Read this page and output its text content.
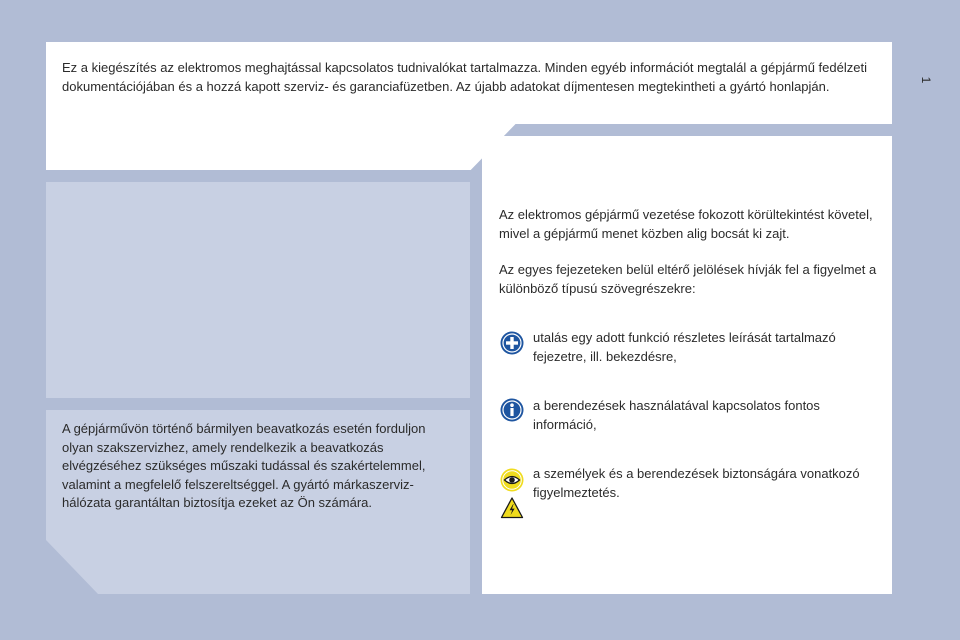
1

Ez a kiegészítés az elektromos meghajtással kapcsolatos tudnivalókat tartalmazza. Minden egyéb információt megtalál a gépjármű fedélzeti dokumentációjában és a hozzá kapott szerviz- és garanciafüzetben. Az újabb adatokat díjmentesen megtekintheti a gyártó honlapján.

A gépjárművön történő bármilyen beavatkozás esetén forduljon olyan szakszervizhez, amely rendelkezik a beavatkozás elvégzéséhez szükséges műszaki tudással és szakértelemmel, valamint a megfelelő felszereltséggel. A gyártó márkaszerviz-hálózata garantáltan biztosítja ezeket az Ön számára.

Az elektromos gépjármű vezetése fokozott körültekintést követel, mivel a gépjármű menet közben alig bocsát ki zajt.

Az egyes fejezeteken belül eltérő jelölések hívják fel a figyelmet a különböző típusú szövegrészekre:

utalás egy adott funkció részletes leírását tartalmazó fejezetre, ill. bekezdésre,

a berendezések használatával kapcsolatos fontos információ,

a személyek és a berendezések biztonságára vonatkozó figyelmeztetés.
